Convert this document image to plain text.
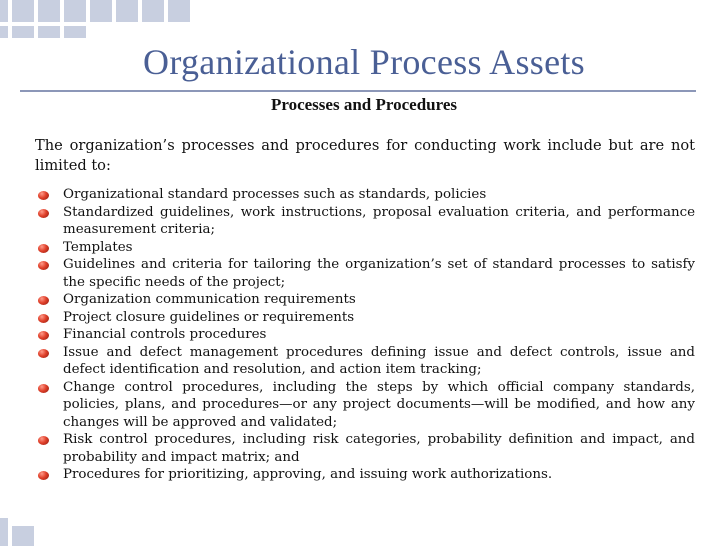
Organizational Process Assets
Processes and Procedures
The organization’s processes and procedures for conducting work include but are not limited to:
Organizational standard processes such as standards, policies
Standardized guidelines, work instructions, proposal evaluation criteria, and performance measurement criteria;
Templates
Guidelines and criteria for tailoring the organization’s set of standard processes to satisfy the specific needs of the project;
Organization communication requirements
Project closure guidelines or requirements
Financial controls procedures
Issue and defect management procedures defining issue and defect controls, issue and defect identification and resolution, and action item tracking;
Change control procedures, including the steps by which official company standards, policies, plans, and procedures—or any project documents—will be modified, and how any changes will be approved and validated;
Risk control procedures, including risk categories, probability definition and impact, and probability and impact matrix; and
Procedures for prioritizing, approving, and issuing work authorizations.
